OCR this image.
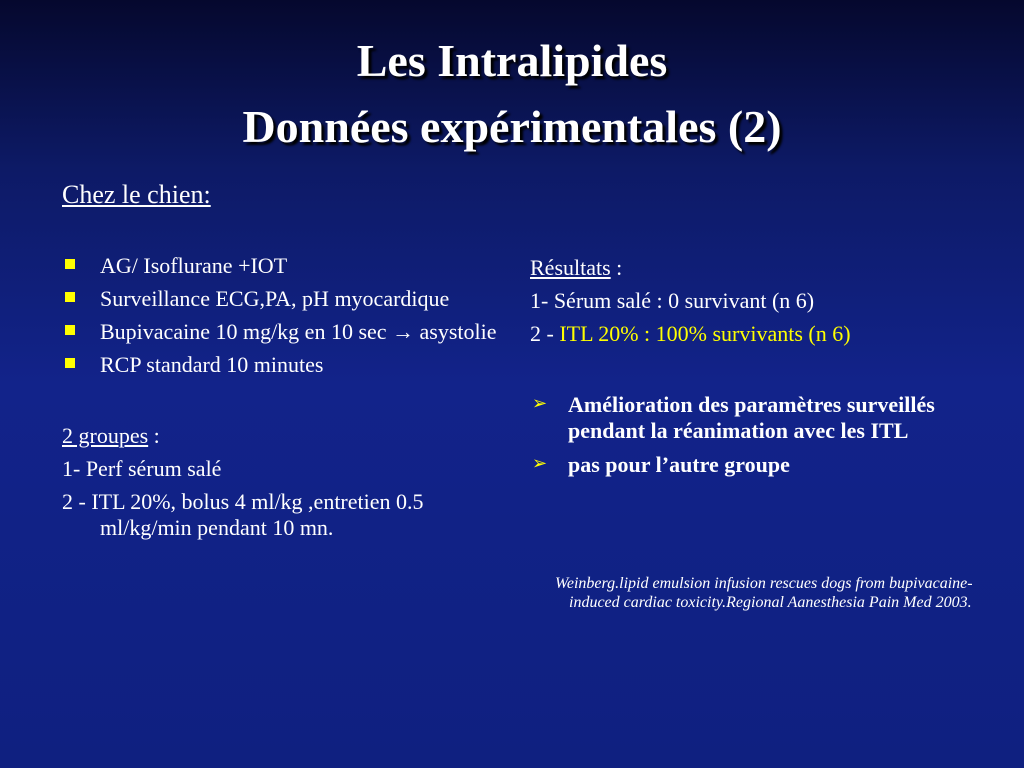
Les Intralipides
Données expérimentales (2)
Chez le chien:
AG/ Isoflurane +IOT
Surveillance ECG,PA, pH myocardique
Bupivacaine 10 mg/kg en 10 sec → asystolie
RCP standard 10 minutes
2 groupes :
1- Perf sérum salé
2 - ITL 20%, bolus 4 ml/kg ,entretien 0.5 ml/kg/min pendant 10 mn.
Résultats :
1- Sérum salé : 0 survivant (n 6)
2 - ITL 20% : 100% survivants (n 6)
➢ Amélioration des paramètres surveillés pendant la réanimation avec les ITL
➢ pas pour l’autre groupe
Weinberg.lipid emulsion infusion rescues dogs from bupivacaine-induced cardiac toxicity.Regional Aanesthesia Pain Med 2003.
